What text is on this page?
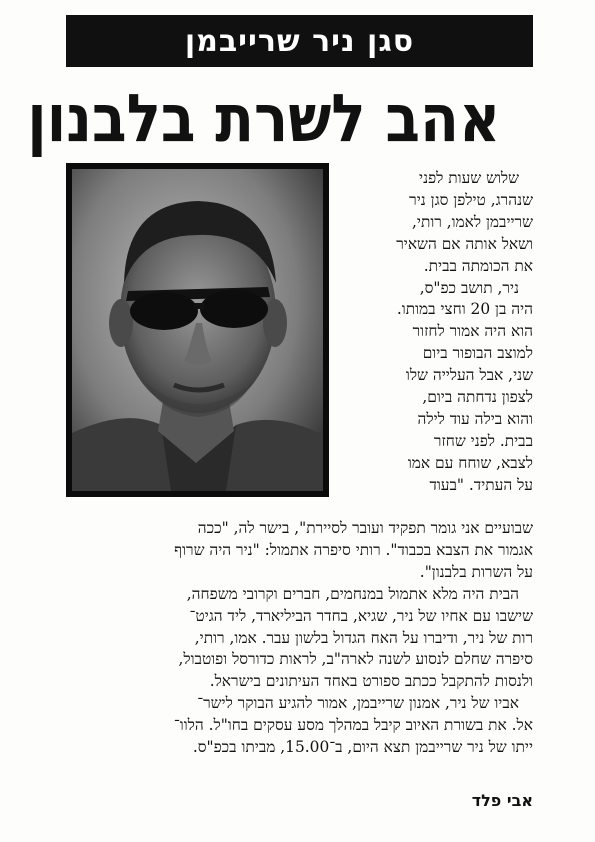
סגן ניר שרייבמן
אהב לשרת בלבנון

שלוש שעות לפני
שנהרג, טילפן סגן ניר
שרייבמן לאמו, רותי,
ושאל אותה אם השאיר
את הכומתה בבית.
ניר, תושב כפ"ס,
היה בן 20 וחצי במותו.
הוא היה אמור לחזור
למוצב הבופור ביום
שני, אבל העלייה שלו
לצפון נדחתה ביום,
והוא בילה עוד לילה
בבית. לפני שחזר
לצבא, שוחח עם אמו
על העתיד. "בעוד

שבועיים אני גומר תפקיד ועובר לסיירת", בישר לה, "ככה
אגמור את הצבא בכבוד". רותי סיפרה אתמול: "ניר היה שרוף
על השרות בלבנון".
הבית היה מלא אתמול במנחמים, חברים וקרובי משפחה,
שישבו עם אחיו של ניר, שגיא, בחדר הביליארד, ליד הגיט־
רות של ניר, ודיברו על האח הגדול בלשון עבר. אמו, רותי,
סיפרה שחלם לנסוע לשנה לארה"ב, לראות כדורסל ופוטבול,
ולנסות להתקבל ככתב ספורט באחד העיתונים בישראל.
אביו של ניר, אמנון שרייבמן, אמור להגיע הבוקר לישר־
אל. את בשורת האיוב קיבל במהלך מסע עסקים בחו"ל. הלוו־
ייתו של ניר שרייבמן תצא היום, ב־15.00, מביתו בכפ"ס.

אבי פלד
